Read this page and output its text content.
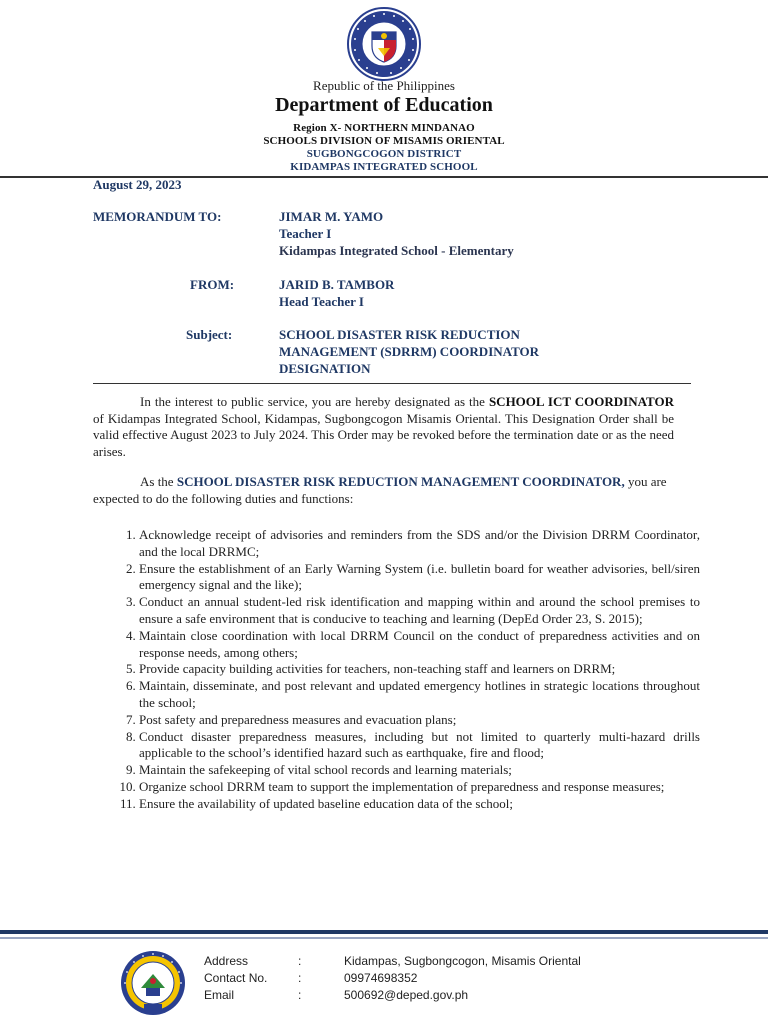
Republic of the Philippines
Department of Education
Region X- NORTHERN MINDANAO
SCHOOLS DIVISION OF MISAMIS ORIENTAL
SUGBONGCOGON DISTRICT
KIDAMPAS INTEGRATED SCHOOL
August 29, 2023
MEMORANDUM TO:	JIMAR M. YAMO
Teacher I
Kidampas Integrated School - Elementary
FROM:	JARID B. TAMBOR
Head Teacher I
Subject:	SCHOOL DISASTER RISK REDUCTION MANAGEMENT (SDRRM) COORDINATOR DESIGNATION
In the interest to public service, you are hereby designated as the SCHOOL ICT COORDINATOR of Kidampas Integrated School, Kidampas, Sugbongcogon Misamis Oriental. This Designation Order shall be valid effective August 2023 to July 2024. This Order may be revoked before the termination date or as the need arises.
As the SCHOOL DISASTER RISK REDUCTION MANAGEMENT COORDINATOR, you are expected to do the following duties and functions:
1. Acknowledge receipt of advisories and reminders from the SDS and/or the Division DRRM Coordinator, and the local DRRMC;
2. Ensure the establishment of an Early Warning System (i.e. bulletin board for weather advisories, bell/siren emergency signal and the like);
3. Conduct an annual student-led risk identification and mapping within and around the school premises to ensure a safe environment that is conducive to teaching and learning (DepEd Order 23, S. 2015);
4. Maintain close coordination with local DRRM Council on the conduct of preparedness activities and on response needs, among others;
5. Provide capacity building activities for teachers, non-teaching staff and learners on DRRM;
6. Maintain, disseminate, and post relevant and updated emergency hotlines in strategic locations throughout the school;
7. Post safety and preparedness measures and evacuation plans;
8. Conduct disaster preparedness measures, including but not limited to quarterly multi-hazard drills applicable to the school’s identified hazard such as earthquake, fire and flood;
9. Maintain the safekeeping of vital school records and learning materials;
10. Organize school DRRM team to support the implementation of preparedness and response measures;
11. Ensure the availability of updated baseline education data of the school;
Address	:	Kidampas, Sugbongcogon, Misamis Oriental
Contact No.	:	09974698352
Email	:	500692@deped.gov.ph
